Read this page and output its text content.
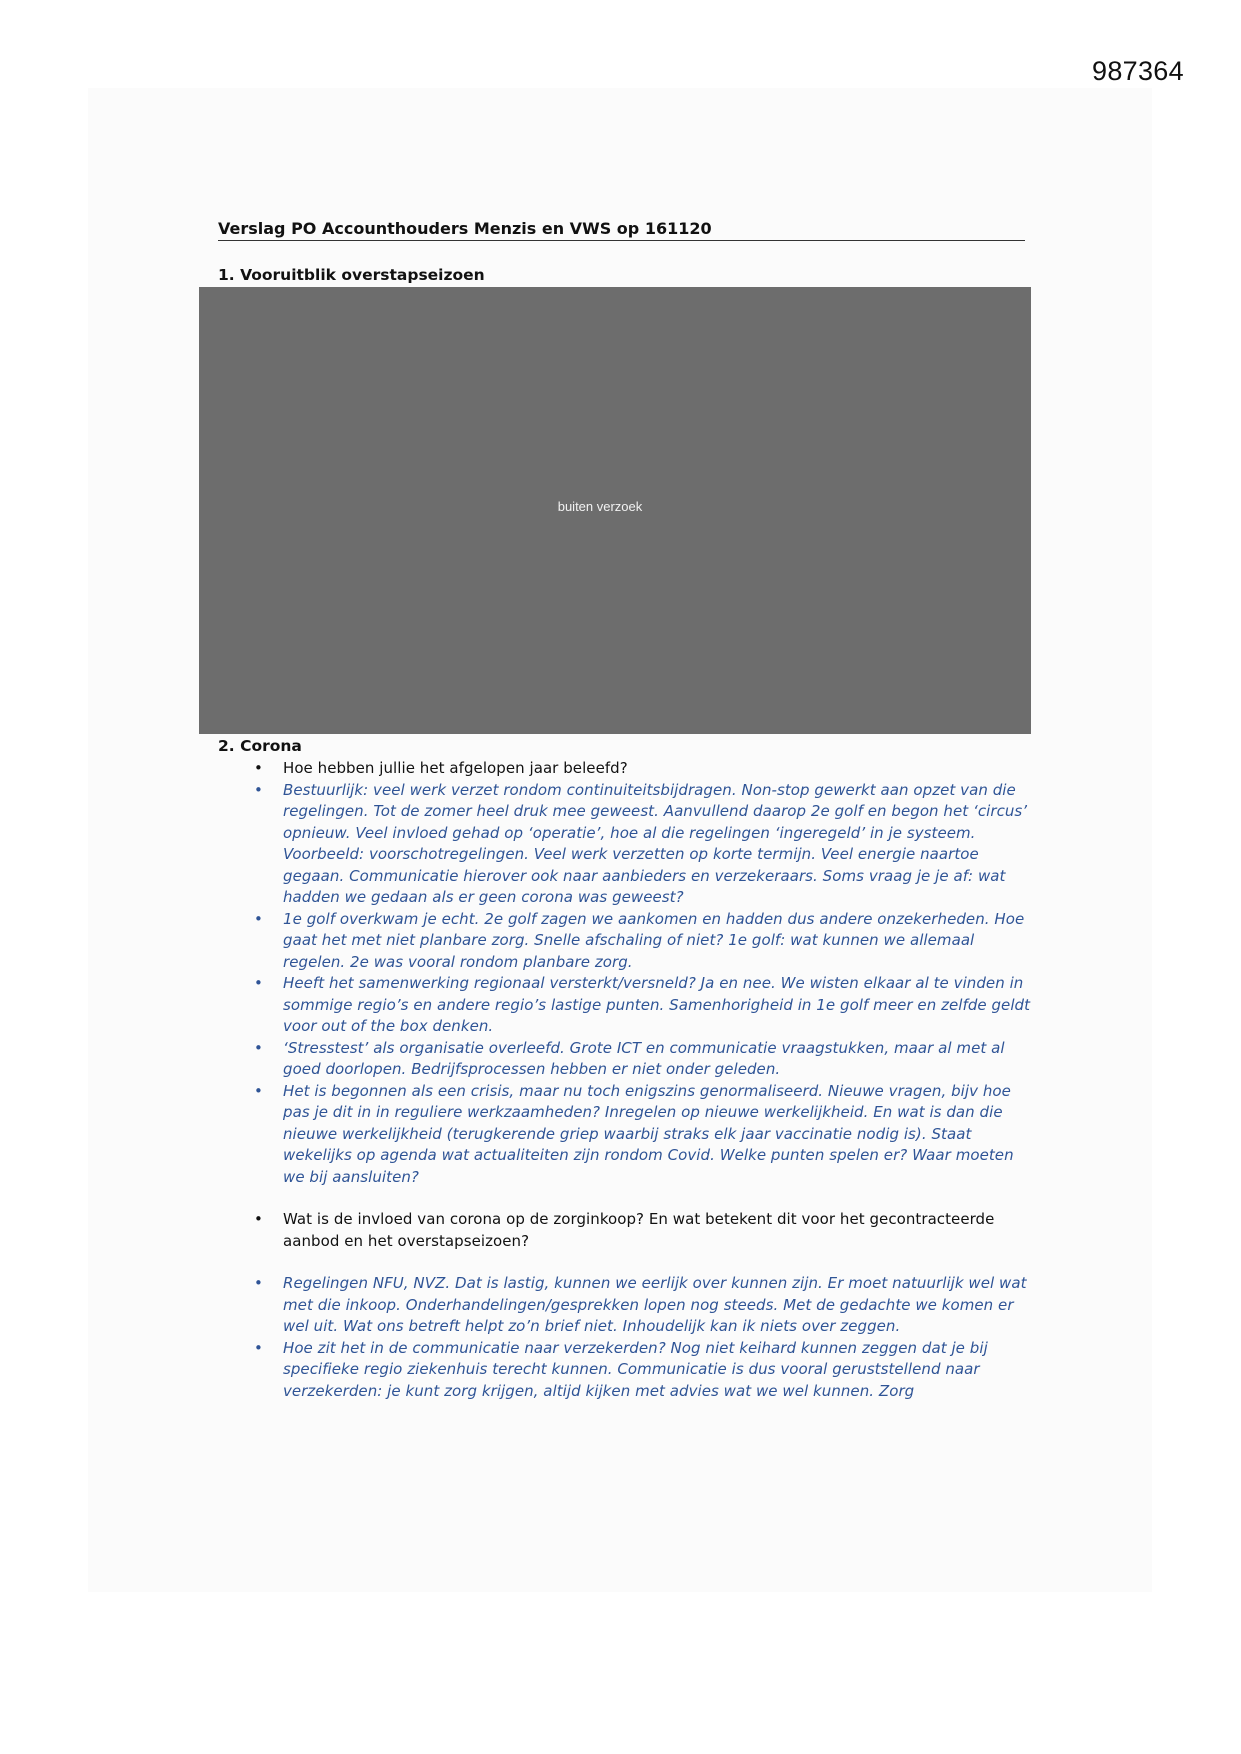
987364
Verslag PO Accounthouders Menzis en VWS op 161120
1. Vooruitblik overstapseizoen
buiten verzoek
2. Corona
•	Hoe hebben jullie het afgelopen jaar beleefd?
•	Bestuurlijk: veel werk verzet rondom continuiteitsbijdragen. Non-stop gewerkt aan opzet van die regelingen. Tot de zomer heel druk mee geweest. Aanvullend daarop 2e golf en begon het ‘circus’ opnieuw. Veel invloed gehad op ‘operatie’, hoe al die regelingen ‘ingeregeld’ in je systeem. Voorbeeld: voorschotregelingen. Veel werk verzetten op korte termijn. Veel energie naartoe gegaan. Communicatie hierover ook naar aanbieders en verzekeraars. Soms vraag je je af: wat hadden we gedaan als er geen corona was geweest?
•	1e golf overkwam je echt. 2e golf zagen we aankomen en hadden dus andere onzekerheden. Hoe gaat het met niet planbare zorg. Snelle afschaling of niet? 1e golf: wat kunnen we allemaal regelen. 2e was vooral rondom planbare zorg.
•	Heeft het samenwerking regionaal versterkt/versneld? Ja en nee. We wisten elkaar al te vinden in sommige regio’s en andere regio’s lastige punten. Samenhorigheid in 1e golf meer en zelfde geldt voor out of the box denken.
•	‘Stresstest’ als organisatie overleefd. Grote ICT en communicatie vraagstukken, maar al met al goed doorlopen. Bedrijfsprocessen hebben er niet onder geleden.
•	Het is begonnen als een crisis, maar nu toch enigszins genormaliseerd. Nieuwe vragen, bijv hoe pas je dit in in reguliere werkzaamheden? Inregelen op nieuwe werkelijkheid. En wat is dan die nieuwe werkelijkheid (terugkerende griep waarbij straks elk jaar vaccinatie nodig is). Staat wekelijks op agenda wat actualiteiten zijn rondom Covid. Welke punten spelen er? Waar moeten we bij aansluiten?
•	Wat is de invloed van corona op de zorginkoop? En wat betekent dit voor het gecontracteerde aanbod en het overstapseizoen?
•	Regelingen NFU, NVZ. Dat is lastig, kunnen we eerlijk over kunnen zijn. Er moet natuurlijk wel wat met die inkoop. Onderhandelingen/gesprekken lopen nog steeds. Met de gedachte we komen er wel uit. Wat ons betreft helpt zo’n brief niet. Inhoudelijk kan ik niets over zeggen.
•	Hoe zit het in de communicatie naar verzekerden? Nog niet keihard kunnen zeggen dat je bij specifieke regio ziekenhuis terecht kunnen. Communicatie is dus vooral geruststellend naar verzekerden: je kunt zorg krijgen, altijd kijken met advies wat we wel kunnen. Zorg
